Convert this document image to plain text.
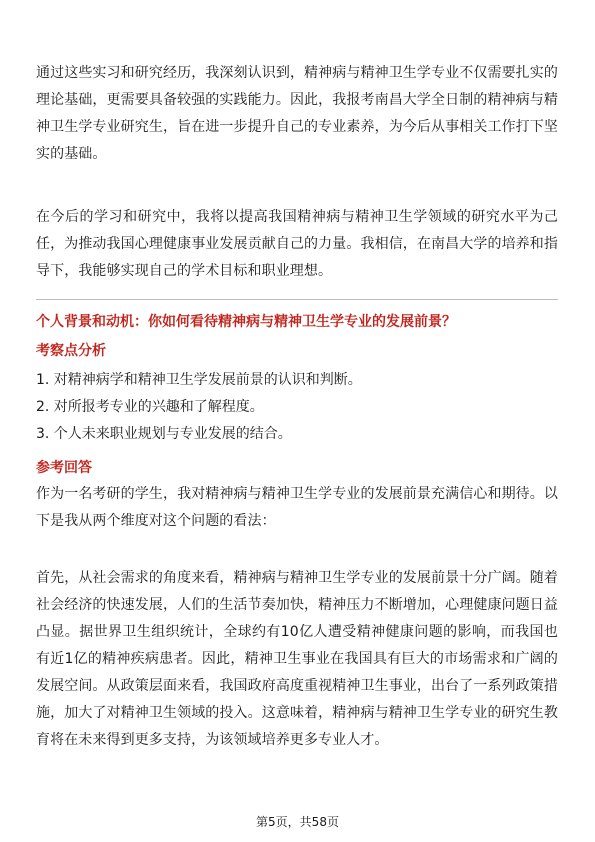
通过这些实习和研究经历，我深刻认识到，精神病与精神卫生学专业不仅需要扎实的理论基础，更需要具备较强的实践能力。因此，我报考南昌大学全日制的精神病与精神卫生学专业研究生，旨在进一步提升自己的专业素养，为今后从事相关工作打下坚实的基础。

在今后的学习和研究中，我将以提高我国精神病与精神卫生学领域的研究水平为己任，为推动我国心理健康事业发展贡献自己的力量。我相信，在南昌大学的培养和指导下，我能够实现自己的学术目标和职业理想。

个人背景和动机：你如何看待精神病与精神卫生学专业的发展前景？

考察点分析

1. 对精神病学和精神卫生学发展前景的认识和判断。
2. 对所报考专业的兴趣和了解程度。
3. 个人未来职业规划与专业发展的结合。

参考回答

作为一名考研的学生，我对精神病与精神卫生学专业的发展前景充满信心和期待。以下是我从两个维度对这个问题的看法：

首先，从社会需求的角度来看，精神病与精神卫生学专业的发展前景十分广阔。随着社会经济的快速发展，人们的生活节奏加快，精神压力不断增加，心理健康问题日益凸显。据世界卫生组织统计，全球约有10亿人遭受精神健康问题的影响，而我国也有近1亿的精神疾病患者。因此，精神卫生事业在我国具有巨大的市场需求和广阔的发展空间。从政策层面来看，我国政府高度重视精神卫生事业，出台了一系列政策措施，加大了对精神卫生领域的投入。这意味着，精神病与精神卫生学专业的研究生教育将在未来得到更多支持，为该领域培养更多专业人才。

第5页，共58页
